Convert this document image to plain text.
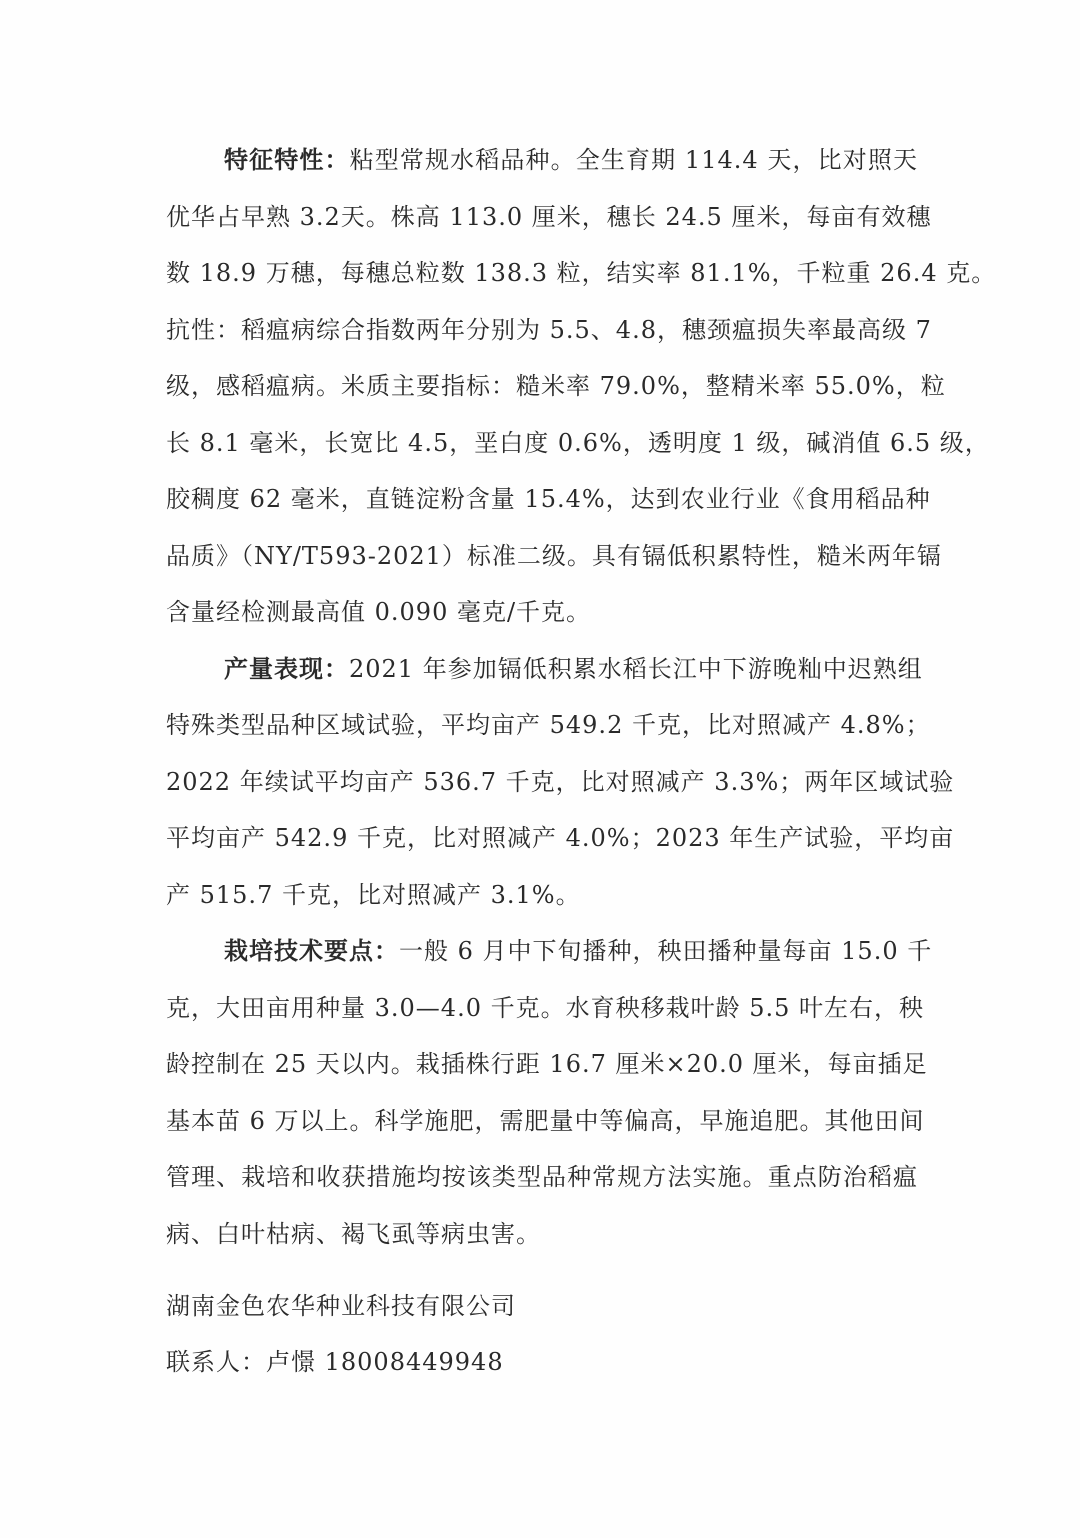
特征特性：粘型常规水稻品种。全生育期 114.4 天，比对照天
优华占早熟 3.2天。株高 113.0 厘米，穗长 24.5 厘米，每亩有效穗
数 18.9 万穗，每穗总粒数 138.3 粒，结实率 81.1%，千粒重 26.4 克。
抗性：稻瘟病综合指数两年分别为 5.5、4.8，穗颈瘟损失率最高级 7
级，感稻瘟病。米质主要指标：糙米率 79.0%，整精米率 55.0%，粒
长 8.1 毫米，长宽比 4.5，垩白度 0.6%，透明度 1 级，碱消值 6.5 级，
胶稠度 62 毫米，直链淀粉含量 15.4%，达到农业行业《食用稻品种
品质》（NY/T593-2021）标准二级。具有镉低积累特性，糙米两年镉
含量经检测最高值 0.090 毫克/千克。
产量表现：2021 年参加镉低积累水稻长江中下游晚籼中迟熟组
特殊类型品种区域试验，平均亩产 549.2 千克，比对照减产 4.8%；
2022 年续试平均亩产 536.7 千克，比对照减产 3.3%；两年区域试验
平均亩产 542.9 千克，比对照减产 4.0%；2023 年生产试验，平均亩
产 515.7 千克，比对照减产 3.1%。
栽培技术要点：一般 6 月中下旬播种，秧田播种量每亩 15.0 千
克，大田亩用种量 3.0—4.0 千克。水育秧移栽叶龄 5.5 叶左右，秧
龄控制在 25 天以内。栽插株行距 16.7 厘米×20.0 厘米，每亩插足
基本苗 6 万以上。科学施肥，需肥量中等偏高，早施追肥。其他田间
管理、栽培和收获措施均按该类型品种常规方法实施。重点防治稻瘟
病、白叶枯病、褐飞虱等病虫害。
湖南金色农华种业科技有限公司
联系人：卢憬 18008449948
